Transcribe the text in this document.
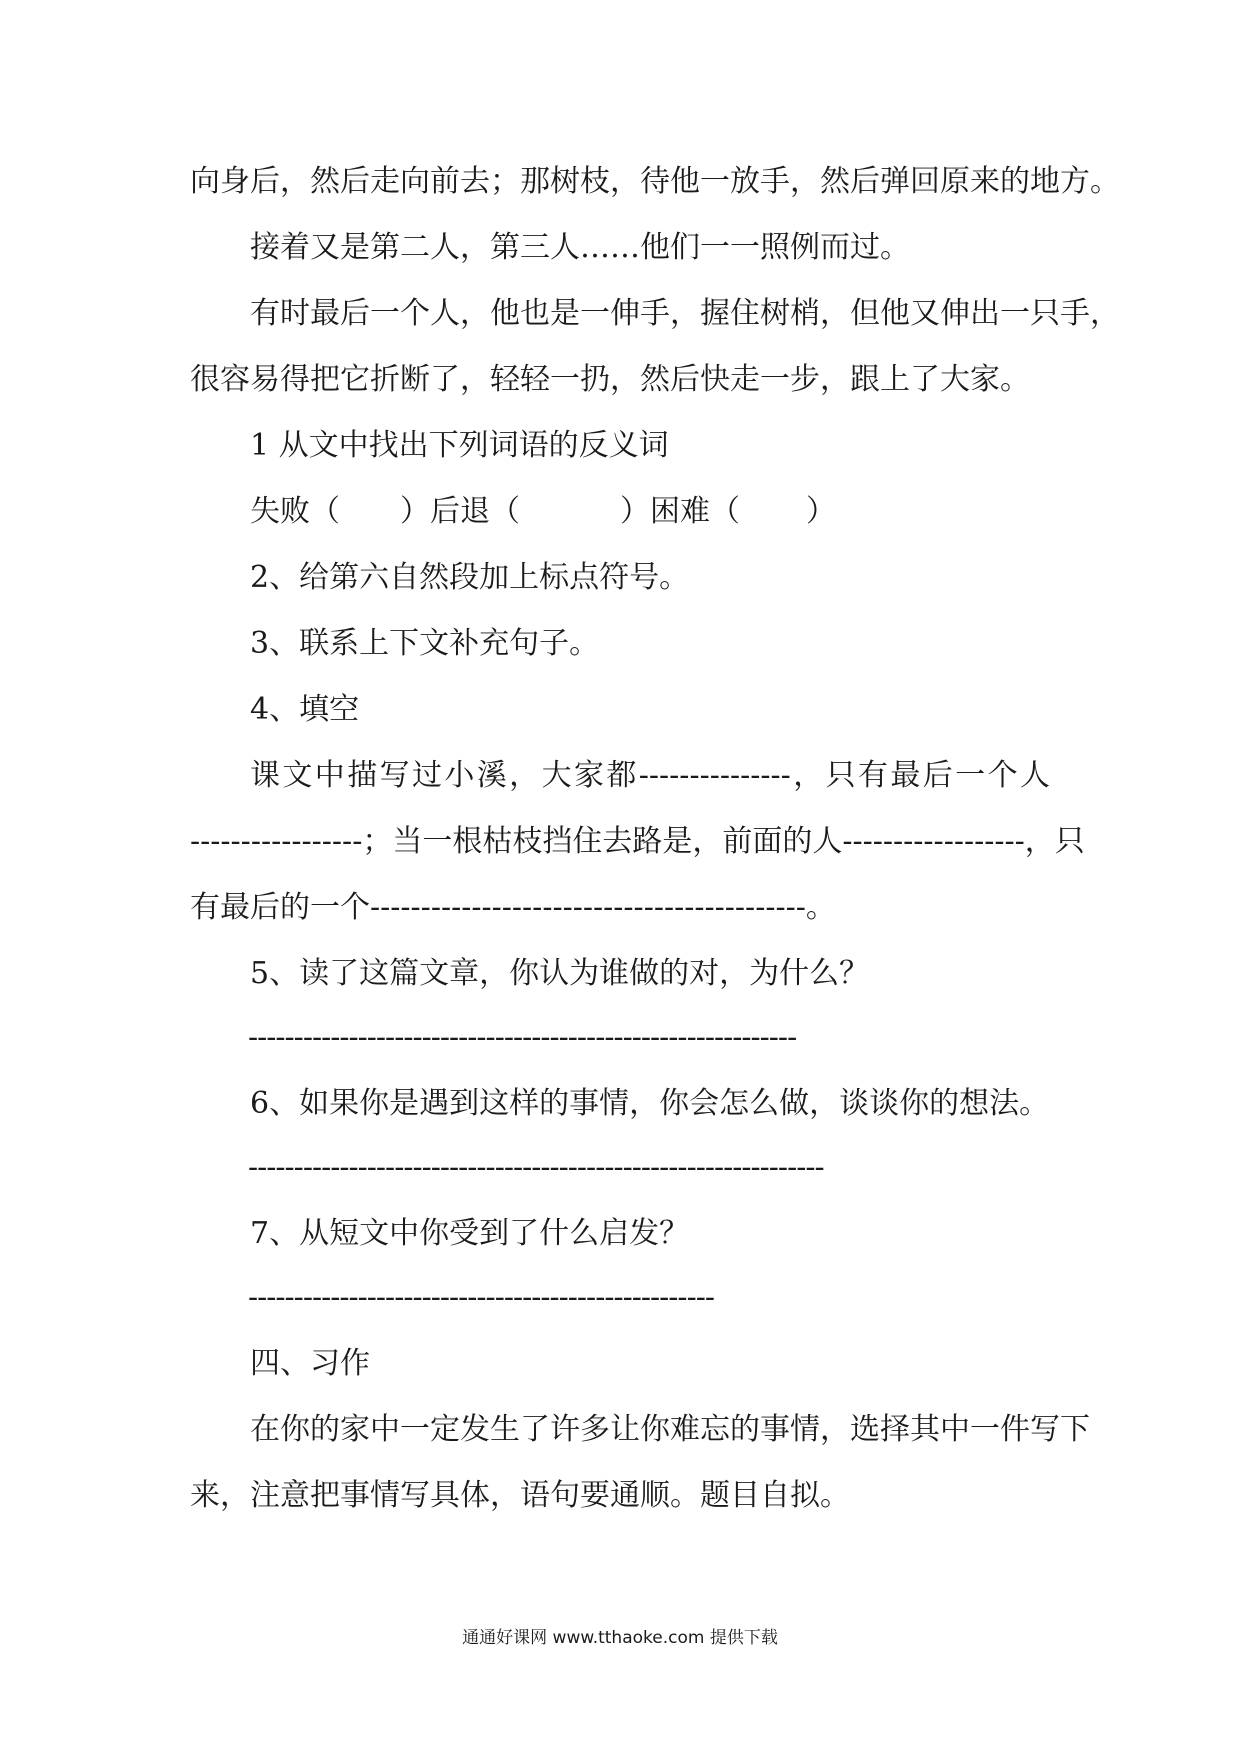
向身后，然后走向前去；那树枝，待他一放手，然后弹回原来的地方。
接着又是第二人，第三人……他们一一照例而过。
有时最后一个人，他也是一伸手，握住树梢，但他又伸出一只手，
很容易得把它折断了，轻轻一扔，然后快走一步，跟上了大家。
1 从文中找出下列词语的反义词
失败（ ）后退（	）困难（ ）
2、给第六自然段加上标点符号。
3、联系上下文补充句子。
4、填空
课文中描写过小溪，大家都---------------，只有最后一个人
-----------------；当一根枯枝挡住去路是，前面的人------------------，只
有最后的一个-------------------------------------------。
5、读了这篇文章，你认为谁做的对，为什么？
------------------------------------------------------------
6、如果你是遇到这样的事情，你会怎么做，谈谈你的想法。
---------------------------------------------------------------
7、从短文中你受到了什么启发？
---------------------------------------------------
四、习作
在你的家中一定发生了许多让你难忘的事情，选择其中一件写下
来，注意把事情写具体，语句要通顺。题目自拟。
通通好课网 www.tthaoke.com 提供下载
